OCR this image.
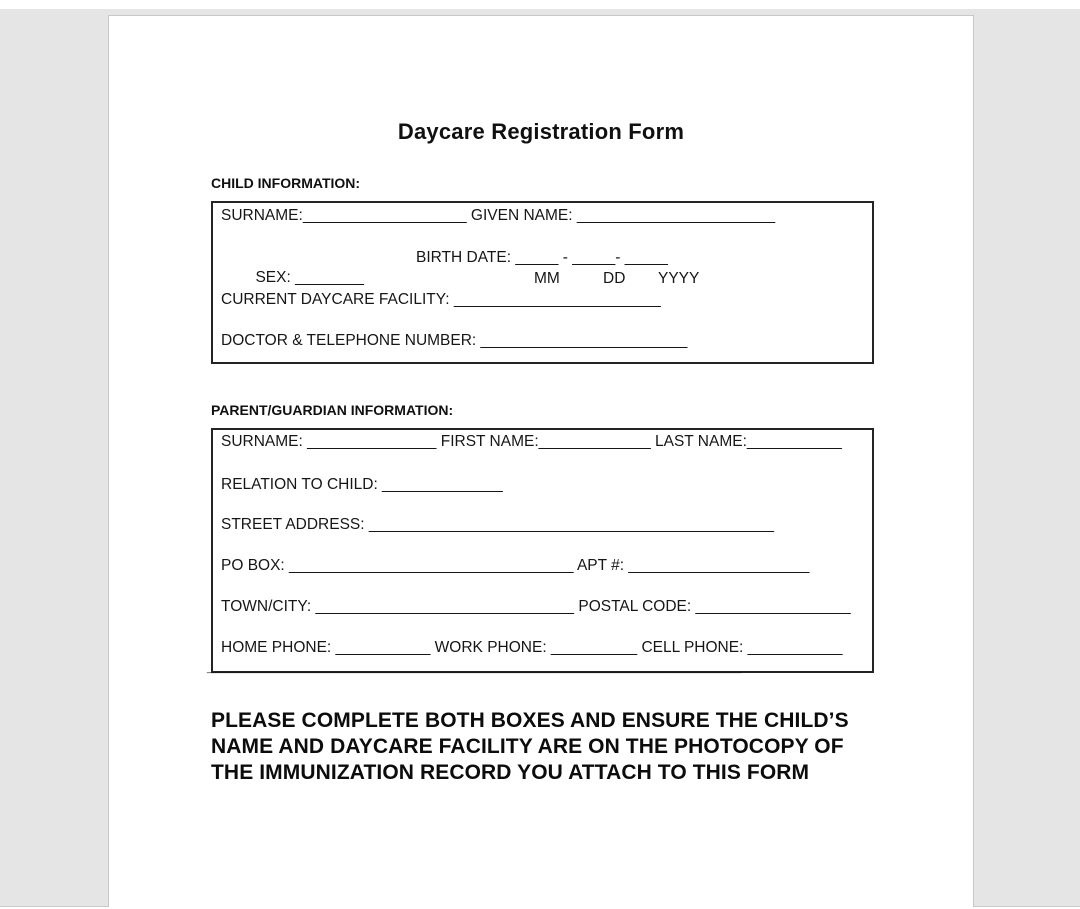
Daycare Registration Form
CHILD INFORMATION:
SURNAME:___________________ GIVEN NAME: _______________________

SEX: ________

BIRTH DATE: _____ - _____- _____

MM

	DD

YYYY

CURRENT DAYCARE FACILITY: ________________________
DOCTOR & TELEPHONE NUMBER: ________________________
PARENT/GUARDIAN INFORMATION:
SURNAME: _______________ FIRST NAME:_____________ LAST NAME:___________
RELATION TO CHILD: ______________
STREET ADDRESS: _______________________________________________
PO BOX: _________________________________ APT #: _____________________
TOWN/CITY: ______________________________ POSTAL CODE: __________________
HOME PHONE: ___________ WORK PHONE: __________ CELL PHONE: ___________
______________________________________________________________
PLEASE COMPLETE BOTH BOXES AND ENSURE THE CHILD’S
NAME AND DAYCARE FACILITY ARE ON THE PHOTOCOPY OF
THE IMMUNIZATION RECORD YOU ATTACH TO THIS FORM
